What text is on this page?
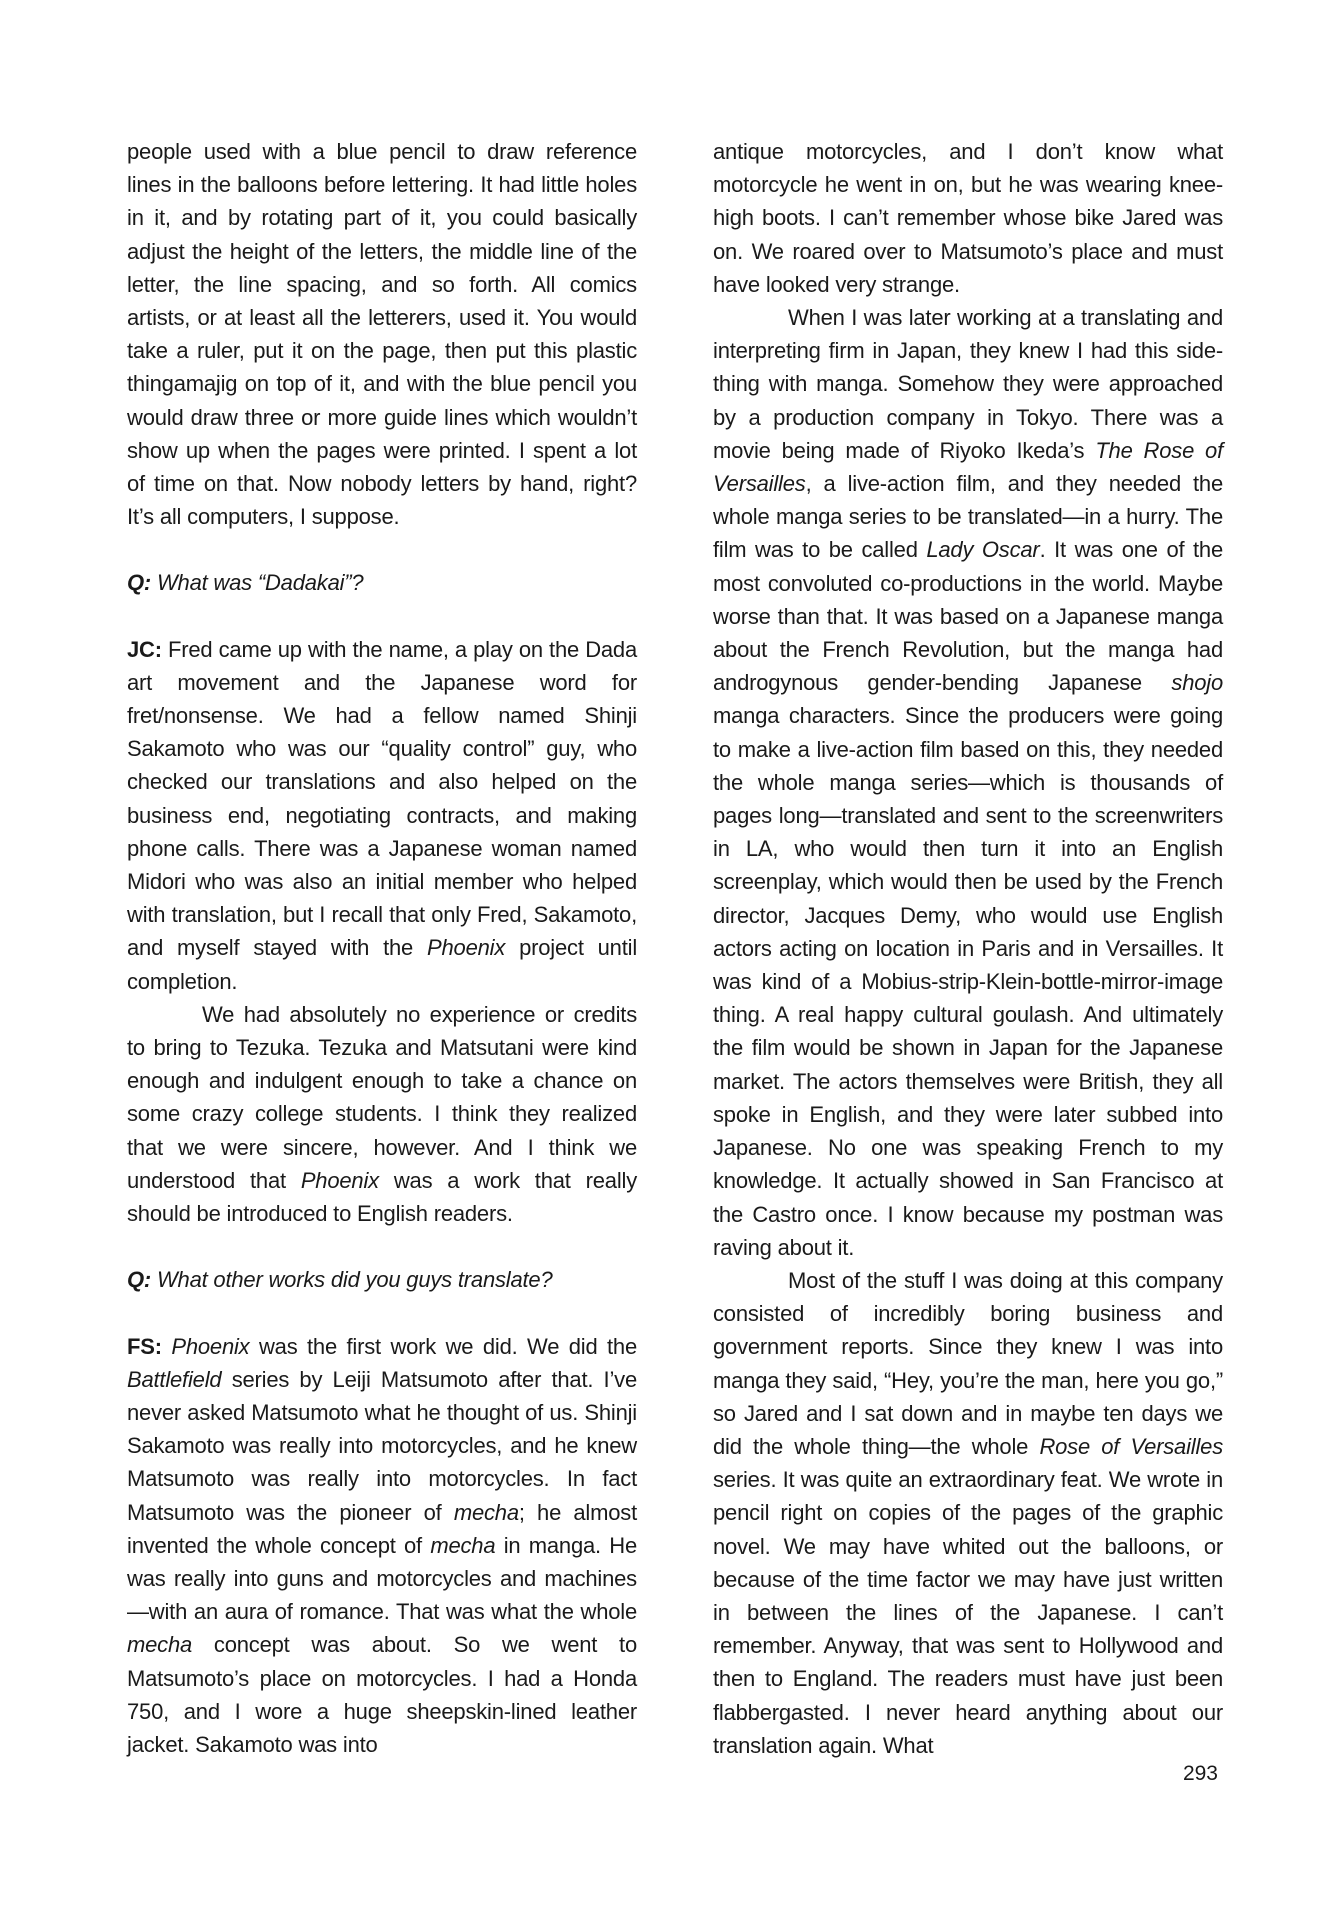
people used with a blue pencil to draw reference lines in the balloons before lettering. It had little holes in it, and by rotating part of it, you could basically adjust the height of the letters, the middle line of the letter, the line spacing, and so forth. All comics artists, or at least all the letterers, used it. You would take a ruler, put it on the page, then put this plastic thingamajig on top of it, and with the blue pencil you would draw three or more guide lines which wouldn’t show up when the pages were printed. I spent a lot of time on that. Now nobody letters by hand, right? It’s all computers, I suppose.

Q: What was “Dadakai”?

JC: Fred came up with the name, a play on the Dada art movement and the Japanese word for fret/nonsense. We had a fellow named Shinji Sakamoto who was our “quality control” guy, who checked our translations and also helped on the business end, negotiating contracts, and making phone calls. There was a Japanese woman named Midori who was also an initial member who helped with translation, but I recall that only Fred, Sakamoto, and myself stayed with the Phoenix project until completion.

We had absolutely no experience or credits to bring to Tezuka. Tezuka and Matsutani were kind enough and indulgent enough to take a chance on some crazy college students. I think they realized that we were sincere, however. And I think we understood that Phoenix was a work that really should be introduced to English readers.

Q: What other works did you guys translate?

FS: Phoenix was the first work we did. We did the Battlefield series by Leiji Matsumoto after that. I’ve never asked Matsumoto what he thought of us. Shinji Sakamoto was really into motorcycles, and he knew Matsumoto was really into motorcycles. In fact Matsumoto was the pioneer of mecha; he almost invented the whole concept of mecha in manga. He was really into guns and motorcycles and machines—with an aura of romance. That was what the whole mecha concept was about. So we went to Matsumoto’s place on motorcycles. I had a Honda 750, and I wore a huge sheepskin-lined leather jacket. Sakamoto was into

antique motorcycles, and I don’t know what motorcycle he went in on, but he was wearing knee-high boots. I can’t remember whose bike Jared was on. We roared over to Matsumoto’s place and must have looked very strange.

When I was later working at a translating and interpreting firm in Japan, they knew I had this side-thing with manga. Somehow they were approached by a production company in Tokyo. There was a movie being made of Riyoko Ikeda’s The Rose of Versailles, a live-action film, and they needed the whole manga series to be translated—in a hurry. The film was to be called Lady Oscar. It was one of the most convoluted co-productions in the world. Maybe worse than that. It was based on a Japanese manga about the French Revolution, but the manga had androgynous gender-bending Japanese shojo manga characters. Since the producers were going to make a live-action film based on this, they needed the whole manga series—which is thousands of pages long—translated and sent to the screenwriters in LA, who would then turn it into an English screenplay, which would then be used by the French director, Jacques Demy, who would use English actors acting on location in Paris and in Versailles. It was kind of a Mobius-strip-Klein-bottle-mirror-image thing. A real happy cultural goulash. And ultimately the film would be shown in Japan for the Japanese market. The actors themselves were British, they all spoke in English, and they were later subbed into Japanese. No one was speaking French to my knowledge. It actually showed in San Francisco at the Castro once. I know because my postman was raving about it.

Most of the stuff I was doing at this company consisted of incredibly boring business and government reports. Since they knew I was into manga they said, “Hey, you’re the man, here you go,” so Jared and I sat down and in maybe ten days we did the whole thing—the whole Rose of Versailles series. It was quite an extraordinary feat. We wrote in pencil right on copies of the pages of the graphic novel. We may have whited out the balloons, or because of the time factor we may have just written in between the lines of the Japanese. I can’t remember. Anyway, that was sent to Hollywood and then to England. The readers must have just been flabbergasted. I never heard anything about our translation again. What

293
